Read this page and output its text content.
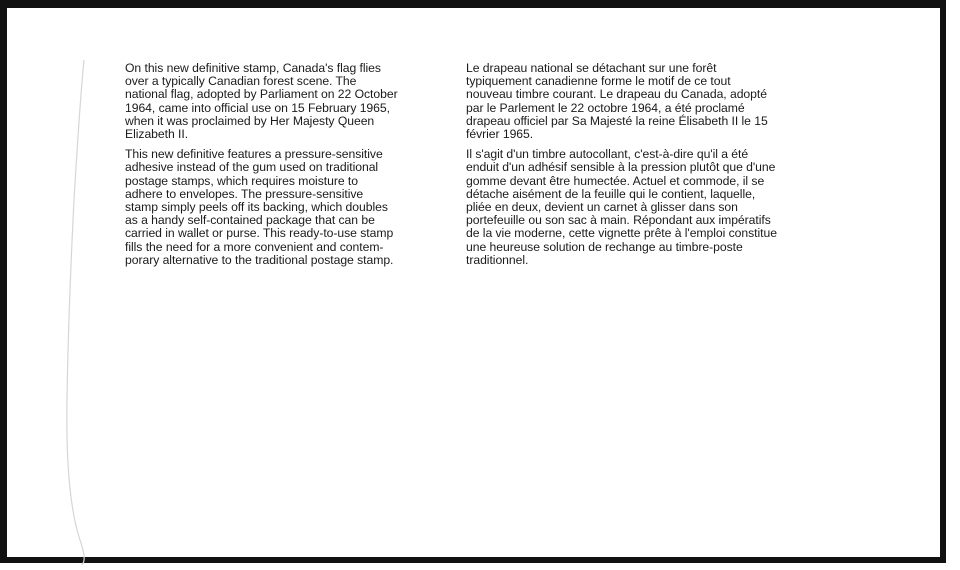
On this new definitive stamp, Canada's flag flies
over a typically Canadian forest scene. The
national flag, adopted by Parliament on 22 October
1964, came into official use on 15 February 1965,
when it was proclaimed by Her Majesty Queen
Elizabeth II.

This new definitive features a pressure-sensitive
adhesive instead of the gum used on traditional
postage stamps, which requires moisture to
adhere to envelopes. The pressure-sensitive
stamp simply peels off its backing, which doubles
as a handy self-contained package that can be
carried in wallet or purse. This ready-to-use stamp
fills the need for a more convenient and contem-
porary alternative to the traditional postage stamp.

Le drapeau national se détachant sur une forêt
typiquement canadienne forme le motif de ce tout
nouveau timbre courant. Le drapeau du Canada, adopté
par le Parlement le 22 octobre 1964, a été proclamé
drapeau officiel par Sa Majesté la reine Élisabeth II le 15
février 1965.

Il s'agit d'un timbre autocollant, c'est-à-dire qu'il a été
enduit d'un adhésif sensible à la pression plutôt que d'une
gomme devant être humectée. Actuel et commode, il se
détache aisément de la feuille qui le contient, laquelle,
pliée en deux, devient un carnet à glisser dans son
portefeuille ou son sac à main. Répondant aux impératifs
de la vie moderne, cette vignette prête à l'emploi constitue
une heureuse solution de rechange au timbre-poste
traditionnel.
